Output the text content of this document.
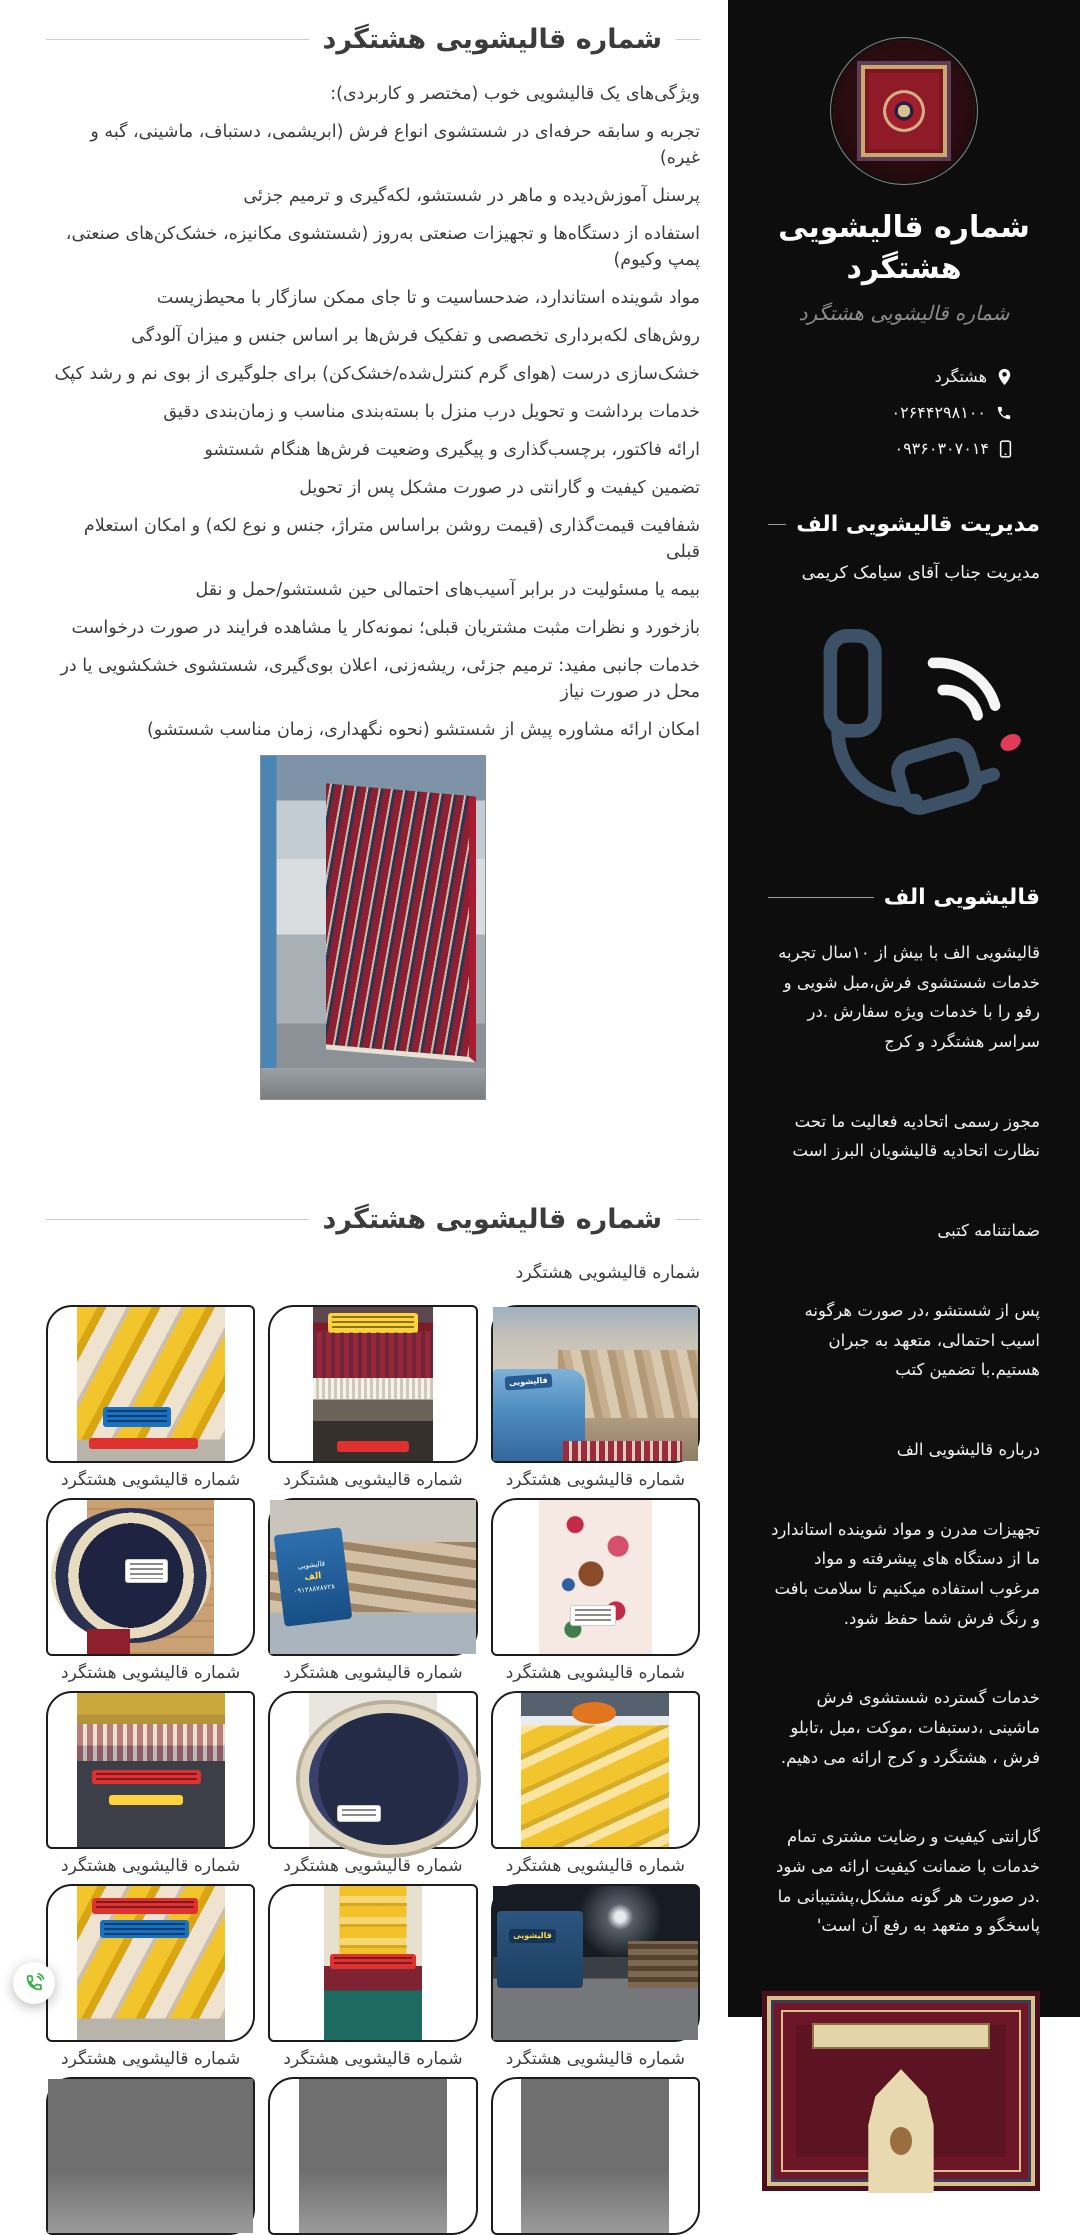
شماره قالیشویی هشتگرد
شماره قالیشویی هشتگرد
هشتگرد
۰۲۶۴۴۲۹۸۱۰۰
۰۹۳۶۰۳۰۷۰۱۴
مدیریت قالیشویی الف
مدیریت جناب آقای سیامک کریمی
قالیشویی الف
قالیشویی الف با بیش از ۱۰سال تجربه خدمات شستشوی فرش،مبل شویی و رفو را با خدمات ویژه سفارش .در سراسر هشتگرد و کرج
مجوز رسمی اتحادیه فعالیت ما تحت نظارت اتحادیه قالیشویان البرز است
ضمانتنامه کتبی
پس از شستشو ،در صورت هرگونه اسیب احتمالی، متعهد به جبران هستیم.با تضمین کتب
درباره قالیشویی الف
تجهیزات مدرن و مواد شوینده استاندارد ما از دستگاه های پیشرفته و مواد مرغوب استفاده میکنیم تا سلامت بافت و رنگ فرش شما حفظ شود.
خدمات گسترده شستشوی فرش ماشینی ،دستبفات ،موکت ،مبل ،تابلو فرش ، هشتگرد و کرج ارائه می دهیم.
گارانتی کیفیت و رضایت مشتری تمام خدمات با ضمانت کیفیت ارائه می شود .در صورت هر گونه مشکل،پشتیبانی ما پاسخگو و متعهد به رفع آن است'
شماره قالیشویی هشتگرد

ویژگی‌های یک قالیشویی خوب (مختصر و کاربردی):

تجربه و سابقه حرفه‌ای در شستشوی انواع فرش (ابریشمی، دستباف، ماشینی، گبه و غیره)

پرسنل آموزش‌دیده و ماهر در شستشو، لکه‌گیری و ترمیم جزئی

استفاده از دستگاه‌ها و تجهیزات صنعتی به‌روز (شستشوی مکانیزه، خشک‌کن‌های صنعتی، پمپ وکیوم)

مواد شوینده استاندارد، ضدحساسیت و تا جای ممکن سازگار با محیط‌زیست

روش‌های لکه‌برداری تخصصی و تفکیک فرش‌ها بر اساس جنس و میزان آلودگی

خشک‌سازی درست (هوای گرم کنترل‌شده/خشک‌کن) برای جلوگیری از بوی نم و رشد کپک

خدمات برداشت و تحویل درب منزل با بسته‌بندی مناسب و زمان‌بندی دقیق

ارائه فاکتور، برچسب‌گذاری و پیگیری وضعیت فرش‌ها هنگام شستشو

تضمین کیفیت و گارانتی در صورت مشکل پس از تحویل

شفافیت قیمت‌گذاری (قیمت روشن براساس متراژ، جنس و نوع لکه) و امکان استعلام قبلی

بیمه یا مسئولیت در برابر آسیب‌های احتمالی حین شستشو/حمل و نقل

بازخورد و نظرات مثبت مشتریان قبلی؛ نمونه‌کار یا مشاهده فرایند در صورت درخواست

خدمات جانبی مفید: ترمیم جزئی، ریشه‌زنی، اعلان بوی‌گیری، شستشوی خشکشویی یا در محل در صورت نیاز

امکان ارائه مشاوره پیش از شستشو (نحوه نگهداری، زمان مناسب شستشو)

شماره قالیشویی هشتگرد

شماره قالیشویی هشتگرد

قالیشویی
شماره قالیشویی هشتگرد
شماره قالیشویی هشتگرد
شماره قالیشویی هشتگرد
شماره قالیشویی هشتگرد
قالیشویی
الف
۰۹۱۲۸۸۷۸۷۲۸
شماره قالیشویی هشتگرد
شماره قالیشویی هشتگرد
شماره قالیشویی هشتگرد
شماره قالیشویی هشتگرد
شماره قالیشویی هشتگرد
قالیشویی
شماره قالیشویی هشتگرد
شماره قالیشویی هشتگرد
شماره قالیشویی هشتگرد
